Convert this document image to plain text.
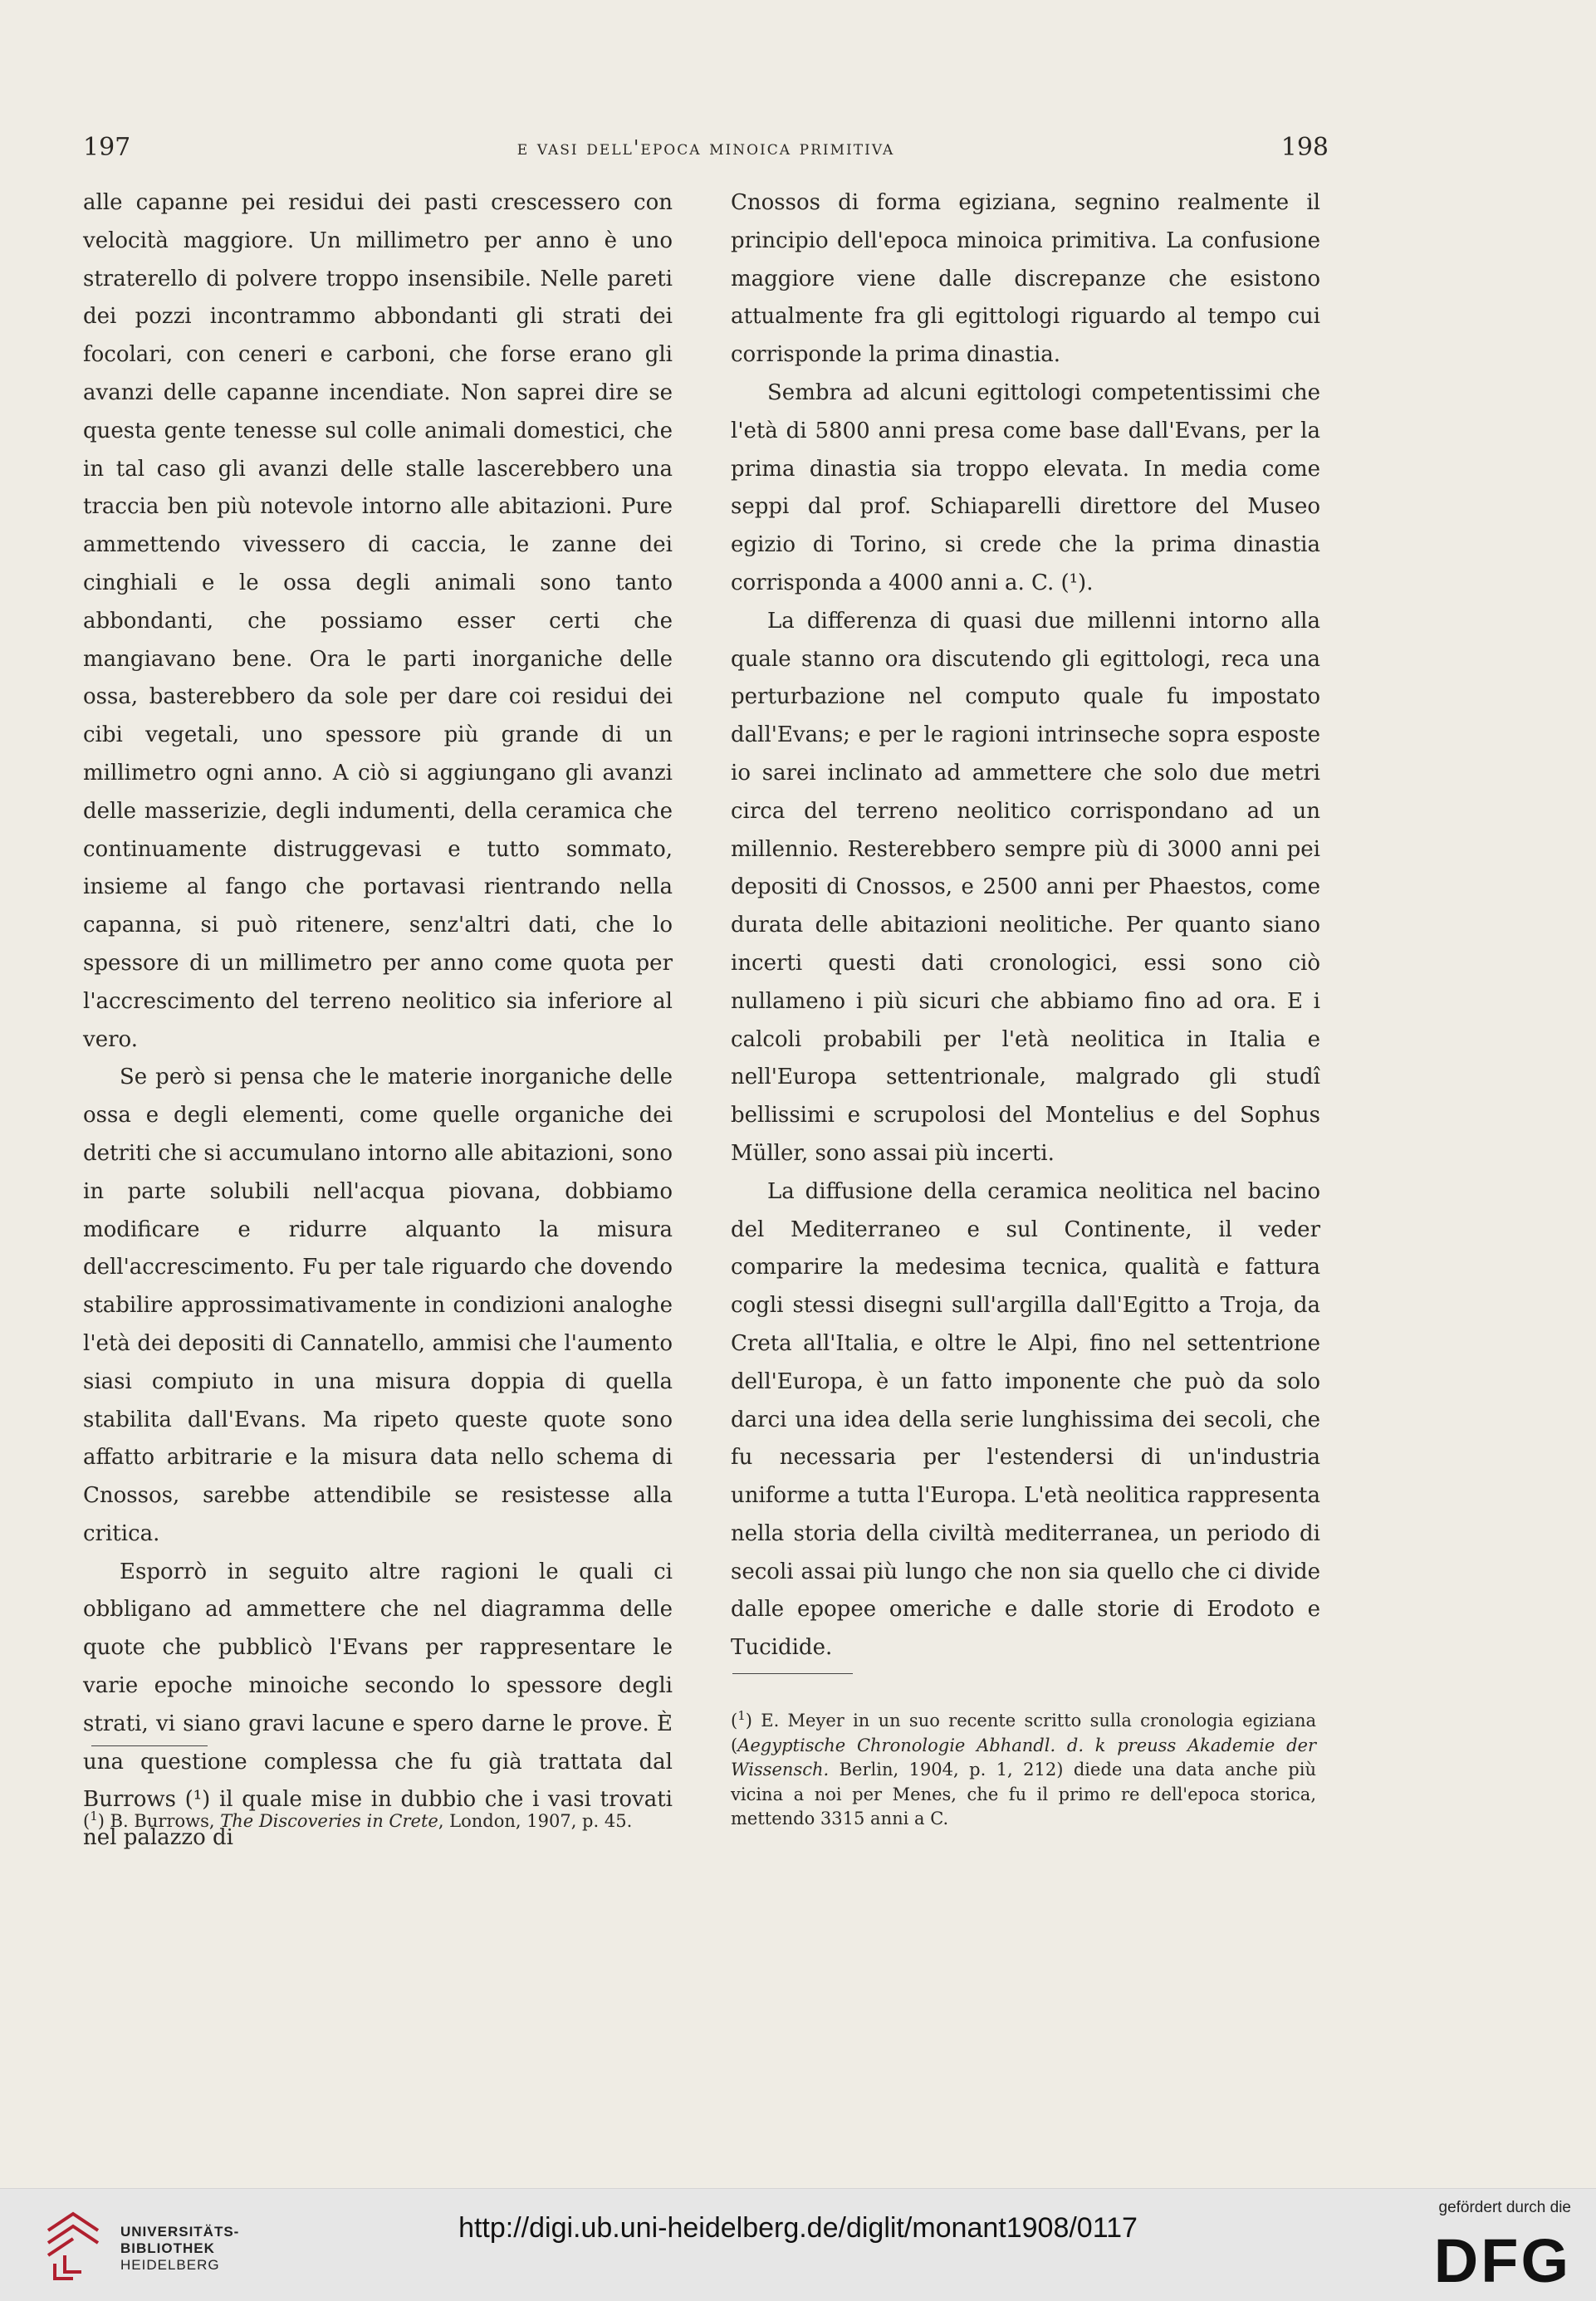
197	e vasi dell'epoca minoica primitiva	198

alle capanne pei residui dei pasti crescessero con velocità maggiore. Un millimetro per anno è uno straterello di polvere troppo insensibile. Nelle pareti dei pozzi incontrammo abbondanti gli strati dei focolari, con ceneri e carboni, che forse erano gli avanzi delle capanne incendiate. Non saprei dire se questa gente tenesse sul colle animali domestici, che in tal caso gli avanzi delle stalle lascerebbero una traccia ben più notevole intorno alle abitazioni. Pure ammettendo vivessero di caccia, le zanne dei cinghiali e le ossa degli animali sono tanto abbondanti, che possiamo esser certi che mangiavano bene. Ora le parti inorganiche delle ossa, basterebbero da sole per dare coi residui dei cibi vegetali, uno spessore più grande di un millimetro ogni anno. A ciò si aggiungano gli avanzi delle masserizie, degli indumenti, della ceramica che continuamente distruggevasi e tutto sommato, insieme al fango che portavasi rientrando nella capanna, si può ritenere, senz'altri dati, che lo spessore di un millimetro per anno come quota per l'accrescimento del terreno neolitico sia inferiore al vero.

Se però si pensa che le materie inorganiche delle ossa e degli elementi, come quelle organiche dei detriti che si accumulano intorno alle abitazioni, sono in parte solubili nell'acqua piovana, dobbiamo modificare e ridurre alquanto la misura dell'accrescimento. Fu per tale riguardo che dovendo stabilire approssimativamente in condizioni analoghe l'età dei depositi di Cannatello, ammisi che l'aumento siasi compiuto in una misura doppia di quella stabilita dall'Evans. Ma ripeto queste quote sono affatto arbitrarie e la misura data nello schema di Cnossos, sarebbe attendibile se resistesse alla critica.

Esporrò in seguito altre ragioni le quali ci obbligano ad ammettere che nel diagramma delle quote che pubblicò l'Evans per rappresentare le varie epoche minoiche secondo lo spessore degli strati, vi siano gravi lacune e spero darne le prove. È una questione complessa che fu già trattata dal Burrows (¹) il quale mise in dubbio che i vasi trovati nel palazzo di

Cnossos di forma egiziana, segnino realmente il principio dell'epoca minoica primitiva. La confusione maggiore viene dalle discrepanze che esistono attualmente fra gli egittologi riguardo al tempo cui corrisponde la prima dinastia.

Sembra ad alcuni egittologi competentissimi che l'età di 5800 anni presa come base dall'Evans, per la prima dinastia sia troppo elevata. In media come seppi dal prof. Schiaparelli direttore del Museo egizio di Torino, si crede che la prima dinastia corrisponda a 4000 anni a. C. (¹).

La differenza di quasi due millenni intorno alla quale stanno ora discutendo gli egittologi, reca una perturbazione nel computo quale fu impostato dall'Evans; e per le ragioni intrinseche sopra esposte io sarei inclinato ad ammettere che solo due metri circa del terreno neolitico corrispondano ad un millennio. Resterebbero sempre più di 3000 anni pei depositi di Cnossos, e 2500 anni per Phaestos, come durata delle abitazioni neolitiche. Per quanto siano incerti questi dati cronologici, essi sono ciò nullameno i più sicuri che abbiamo fino ad ora. E i calcoli probabili per l'età neolitica in Italia e nell'Europa settentrionale, malgrado gli studî bellissimi e scrupolosi del Montelius e del Sophus Müller, sono assai più incerti.

La diffusione della ceramica neolitica nel bacino del Mediterraneo e sul Continente, il veder comparire la medesima tecnica, qualità e fattura cogli stessi disegni sull'argilla dall'Egitto a Troja, da Creta all'Italia, e oltre le Alpi, fino nel settentrione dell'Europa, è un fatto imponente che può da solo darci una idea della serie lunghissima dei secoli, che fu necessaria per l'estendersi di un'industria uniforme a tutta l'Europa. L'età neolitica rappresenta nella storia della civiltà mediterranea, un periodo di secoli assai più lungo che non sia quello che ci divide dalle epopee omeriche e dalle storie di Erodoto e Tucidide.

($^1$) B. Burrows, The Discoveries in Crete, London, 1907, p. 45.
($^1$) E. Meyer in un suo recente scritto sulla cronologia egiziana (Aegyptische Chronologie Abhandl. d. k preuss Akademie der Wissensch. Berlin, 1904, p. 1, 212) diede una data anche più vicina a noi per Menes, che fu il primo re dell'epoca storica, mettendo 3315 anni a C.
UNIVERSITÄTS-
BIBLIOTHEK
HEIDELBERG
http://digi.ub.uni-heidelberg.de/diglit/monant1908/0117
gefördert durch die
DFG
